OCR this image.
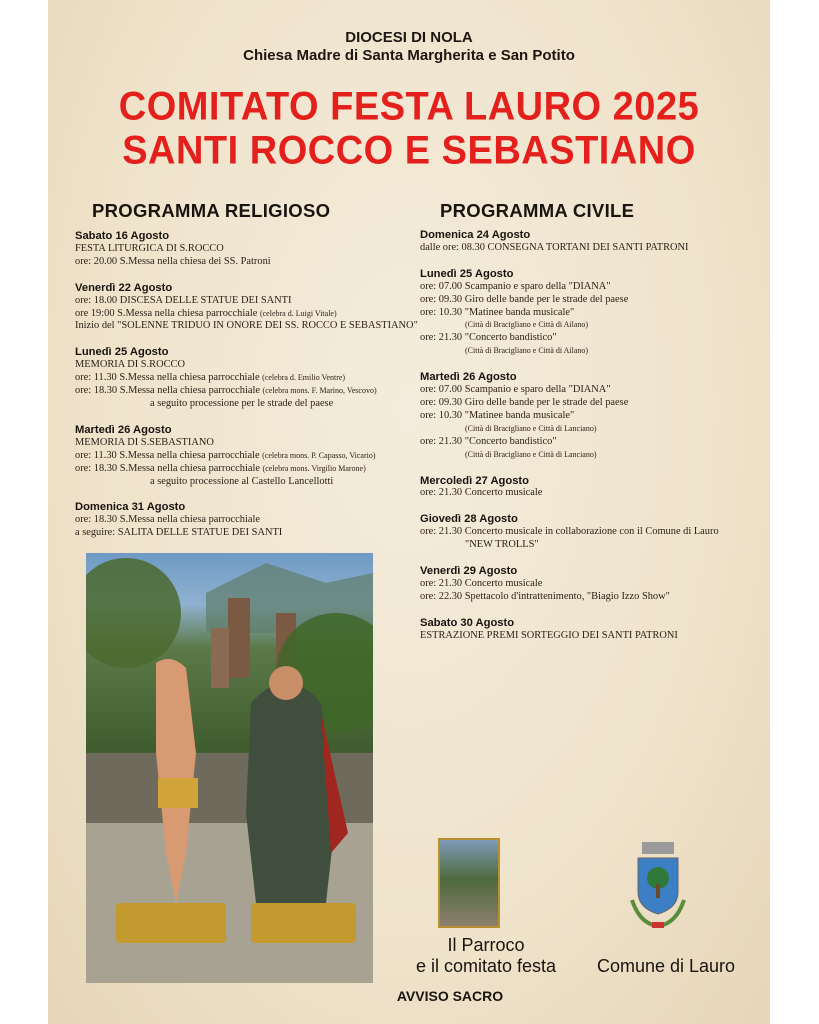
DIOCESI DI NOLA
Chiesa Madre di Santa Margherita e San Potito
COMITATO FESTA LAURO 2025
SANTI ROCCO E SEBASTIANO
PROGRAMMA RELIGIOSO	PROGRAMMA CIVILE
Sabato 16 Agosto
FESTA LITURGICA DI S.ROCCO
ore: 20.00 S.Messa nella chiesa dei SS. Patroni
Venerdì 22 Agosto
ore: 18.00 DISCESA DELLE STATUE DEI SANTI
ore 19:00 S.Messa nella chiesa parrocchiale (celebra d. Luigi Vitale)
Inizio del "SOLENNE TRIDUO IN ONORE DEI SS. ROCCO E SEBASTIANO"
Lunedì 25 Agosto
MEMORIA DI S.ROCCO
ore: 11.30 S.Messa nella chiesa parrocchiale (celebra d. Emilio Ventre)
ore: 18.30 S.Messa nella chiesa parrocchiale (celebra mons. F. Marino, Vescovo)
a seguito processione per le strade del paese
Martedì 26 Agosto
MEMORIA DI S.SEBASTIANO
ore: 11.30 S.Messa nella chiesa parrocchiale (celebra mons. P. Capasso, Vicario)
ore: 18.30 S.Messa nella chiesa parrocchiale (celebra mons. Virgilio Marone)
a seguito processione al Castello Lancellotti
Domenica 31 Agosto
ore: 18.30 S.Messa nella chiesa parrocchiale
a seguire: SALITA DELLE STATUE DEI SANTI
Domenica 24 Agosto
dalle ore: 08.30 CONSEGNA TORTANI DEI SANTI PATRONI
Lunedì 25 Agosto
ore: 07.00 Scampanio e sparo della "DIANA"
ore: 09.30 Giro delle bande per le strade del paese
ore: 10.30 "Matinee banda musicale"
(Città di Bracigliano e Città di Ailano)
ore: 21.30 "Concerto bandistico"
(Città di Bracigliano e Città di Ailano)
Martedì 26 Agosto
ore: 07.00 Scampanio e sparo della "DIANA"
ore: 09.30 Giro delle bande per le strade del paese
ore: 10.30 "Matinee banda musicale"
(Città di Bracigliano e Città di Lanciano)
ore: 21.30 "Concerto bandistico"
(Città di Bracigliano e Città di Lanciano)
Mercoledì 27 Agosto
ore: 21.30 Concerto musicale
Giovedì 28 Agosto
ore: 21.30 Concerto musicale in collaborazione con il Comune di Lauro
"NEW TROLLS"
Venerdì 29 Agosto
ore: 21.30 Concerto musicale
ore: 22.30 Spettacolo d'intrattenimento, "Biagio Izzo Show"
Sabato 30 Agosto
ESTRAZIONE PREMI SORTEGGIO DEI SANTI PATRONI
Il Parroco
e il comitato festa	Comune di Lauro
AVVISO SACRO
